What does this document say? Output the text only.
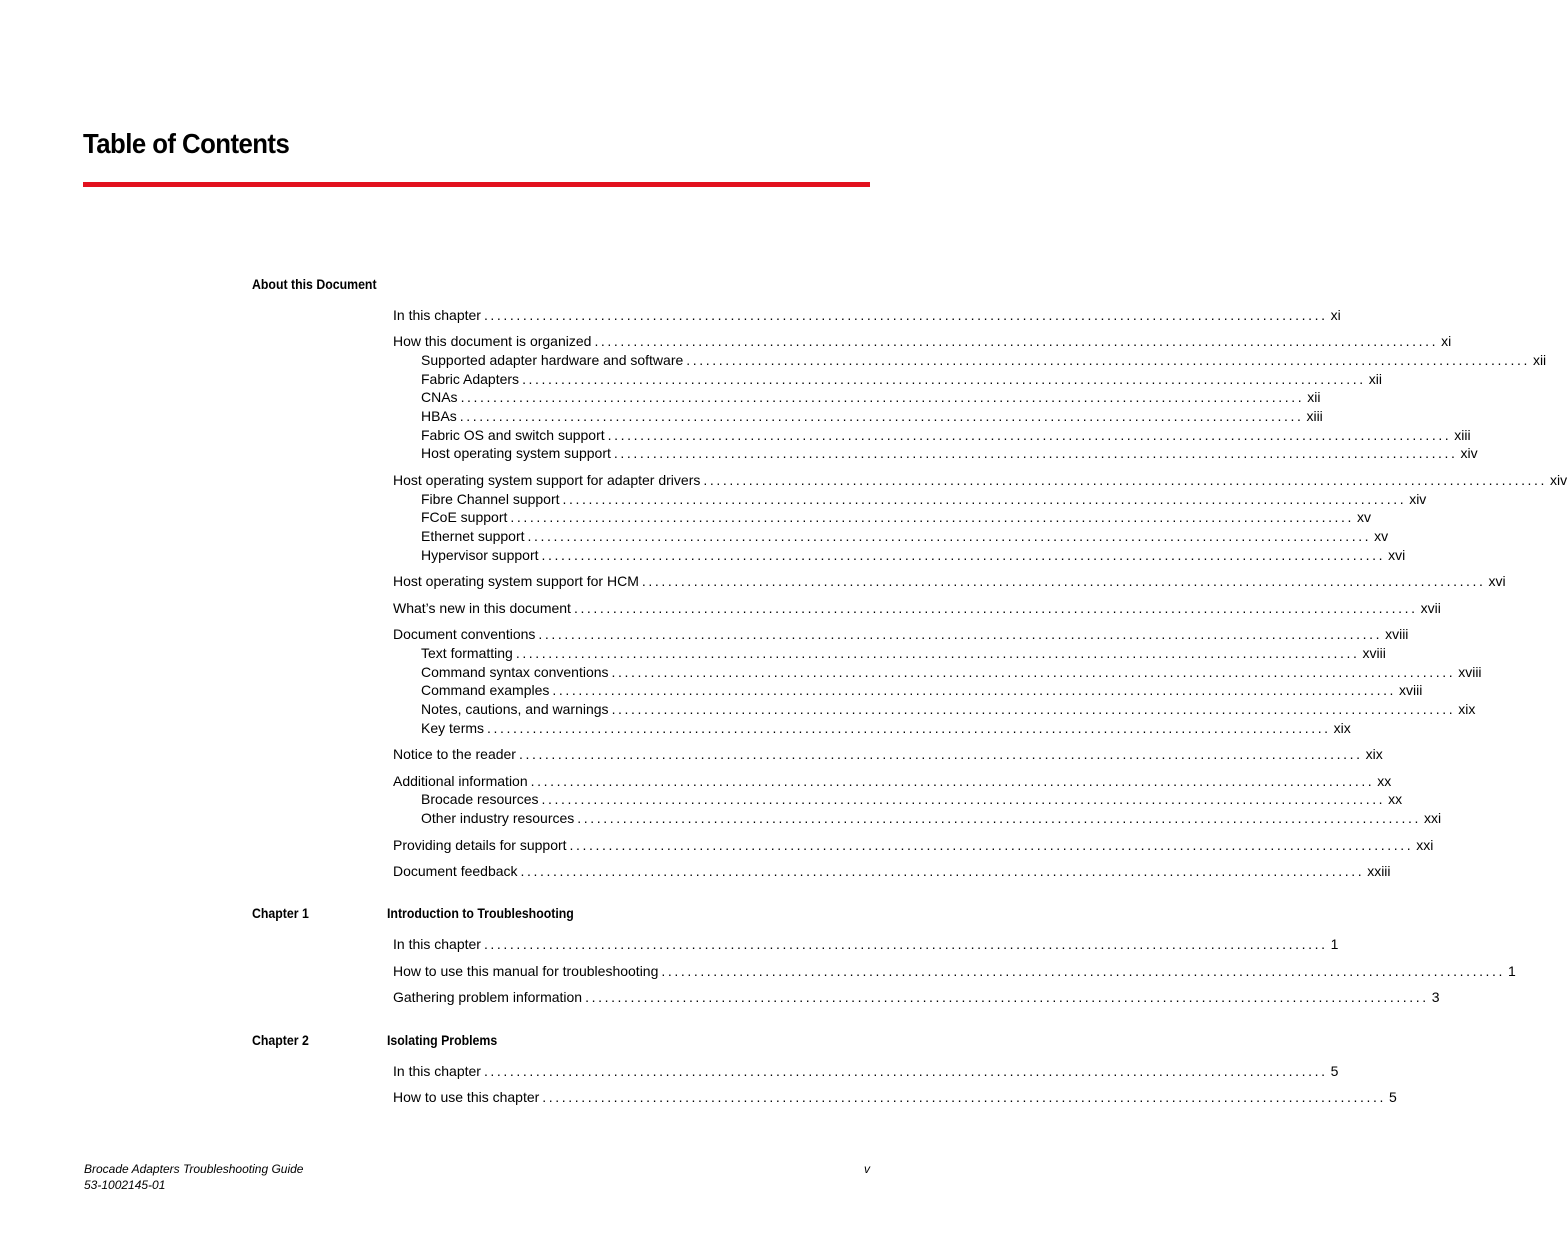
Table of Contents
About this Document
In this chapter .................................................................................................................................. xi
How this document is organized .................................................................................................................................. xi
Supported adapter hardware and software .................................................................................................................................. xii
Fabric Adapters .................................................................................................................................. xii
CNAs .................................................................................................................................. xii
HBAs .................................................................................................................................. xiii
Fabric OS and switch support .................................................................................................................................. xiii
Host operating system support .................................................................................................................................. xiv
Host operating system support for adapter drivers .................................................................................................................................. xiv
Fibre Channel support .................................................................................................................................. xiv
FCoE support .................................................................................................................................. xv
Ethernet support .................................................................................................................................. xv
Hypervisor support .................................................................................................................................. xvi
Host operating system support for HCM .................................................................................................................................. xvi
What’s new in this document .................................................................................................................................. xvii
Document conventions .................................................................................................................................. xviii
Text formatting .................................................................................................................................. xviii
Command syntax conventions .................................................................................................................................. xviii
Command examples .................................................................................................................................. xviii
Notes, cautions, and warnings .................................................................................................................................. xix
Key terms .................................................................................................................................. xix
Notice to the reader .................................................................................................................................. xix
Additional information .................................................................................................................................. xx
Brocade resources .................................................................................................................................. xx
Other industry resources .................................................................................................................................. xxi
Providing details for support .................................................................................................................................. xxi
Document feedback .................................................................................................................................. xxiii
Chapter 1	Introduction to Troubleshooting
In this chapter .................................................................................................................................. 1
How to use this manual for troubleshooting .................................................................................................................................. 1
Gathering problem information .................................................................................................................................. 3
Chapter 2	Isolating Problems
In this chapter .................................................................................................................................. 5
How to use this chapter .................................................................................................................................. 5
Brocade Adapters Troubleshooting Guide
53-1002145-01
v
